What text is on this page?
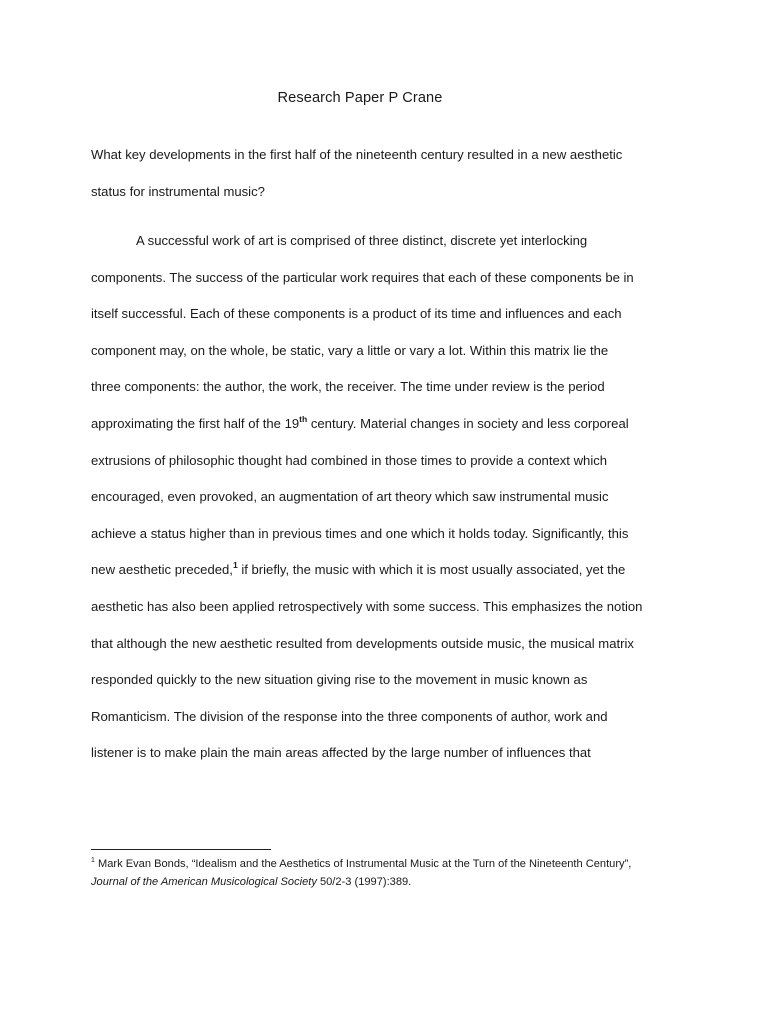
Research Paper P Crane
What key developments in the first half of the nineteenth century resulted in a new aesthetic
status for instrumental music?
A successful work of art is comprised of three distinct, discrete yet interlocking
components. The success of the particular work requires that each of these components be in
itself successful. Each of these components is a product of its time and influences and each
component may, on the whole, be static, vary a little or vary a lot. Within this matrix lie the
three components: the author, the work, the receiver. The time under review is the period
approximating the first half of the 19th century. Material changes in society and less corporeal
extrusions of philosophic thought had combined in those times to provide a context which
encouraged, even provoked, an augmentation of art theory which saw instrumental music
achieve a status higher than in previous times and one which it holds today. Significantly, this
new aesthetic preceded,$^1$ if briefly, the music with which it is most usually associated, yet the
aesthetic has also been applied retrospectively with some success. This emphasizes the notion
that although the new aesthetic resulted from developments outside music, the musical matrix
responded quickly to the new situation giving rise to the movement in music known as
Romanticism. The division of the response into the three components of author, work and
listener is to make plain the main areas affected by the large number of influences that
$^1$ Mark Evan Bonds, “Idealism and the Aesthetics of Instrumental Music at the Turn of the Nineteenth Century”,
Journal of the American Musicological Society 50/2-3 (1997):389.
